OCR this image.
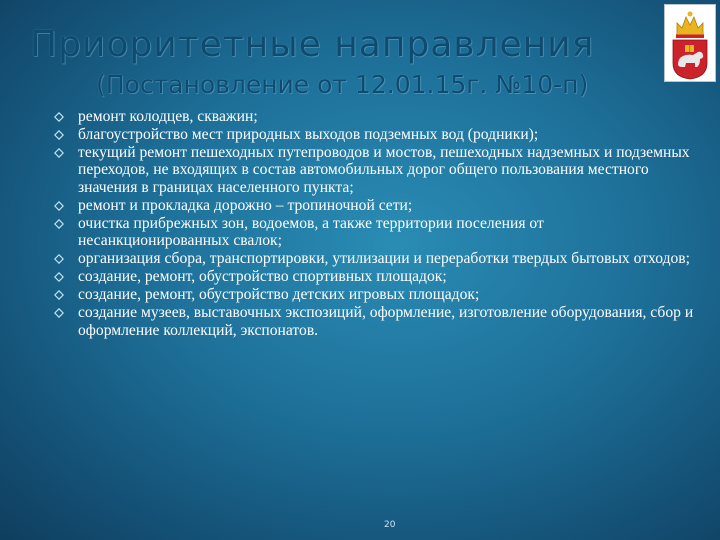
Приоритетные направления
(Постановление от 12.01.15г. №10-п)
ремонт колодцев, скважин;
благоустройство мест природных выходов подземных вод (родники);
текущий ремонт пешеходных путепроводов и мостов, пешеходных надземных и подземных переходов, не входящих в состав автомобильных дорог общего пользования местного значения в границах населенного пункта;
ремонт и прокладка дорожно – тропиночной сети;
очистка прибрежных зон, водоемов, а также территории поселения от несанкционированных свалок;
организация сбора, транспортировки, утилизации и переработки твердых бытовых отходов;
создание, ремонт, обустройство спортивных площадок;
создание, ремонт, обустройство детских игровых площадок;
создание музеев, выставочных экспозиций, оформление, изготовление оборудования, сбор и оформление коллекций, экспонатов.
20
